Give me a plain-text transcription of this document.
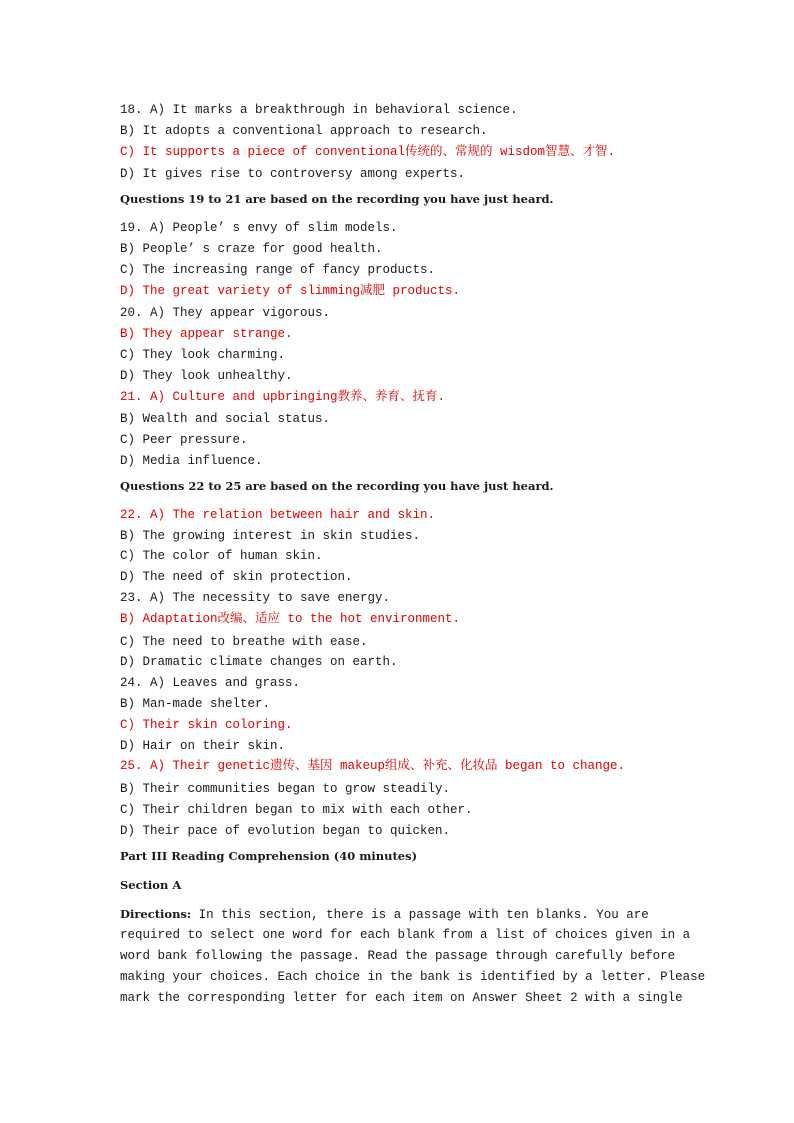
18. A) It marks a breakthrough in behavioral science.
B) It adopts a conventional approach to research.
C) It supports a piece of conventional传统的、常规的 wisdom智慧、才智.
D) It gives rise to controversy among experts.
Questions 19 to 21 are based on the recording you have just heard.
19. A) People’ s envy of slim models.
B) People’ s craze for good health.
C) The increasing range of fancy products.
D) The great variety of slimming减肥 products.
20. A) They appear vigorous.
B) They appear strange.
C) They look charming.
D) They look unhealthy.
21. A) Culture and upbringing教养、养育、抚育.
B) Wealth and social status.
C) Peer pressure.
D) Media influence.
Questions 22 to 25 are based on the recording you have just heard.
22. A) The relation between hair and skin.
B) The growing interest in skin studies.
C) The color of human skin.
D) The need of skin protection.
23. A) The necessity to save energy.
B) Adaptation改编、适应 to the hot environment.
C) The need to breathe with ease.
D) Dramatic climate changes on earth.
24. A) Leaves and grass.
B) Man-made shelter.
C) Their skin coloring.
D) Hair on their skin.
25. A) Their genetic遗传、基因 makeup组成、补充、化妆品 began to change.
B) Their communities began to grow steadily.
C) Their children began to mix with each other.
D) Their pace of evolution began to quicken.
Part III Reading Comprehension (40 minutes)
Section A
Directions: In this section, there is a passage with ten blanks. You are
required to select one word for each blank from a list of choices given in a
word bank following the passage. Read the passage through carefully before
making your choices. Each choice in the bank is identified by a letter. Please
mark the corresponding letter for each item on Answer Sheet 2 with a single
